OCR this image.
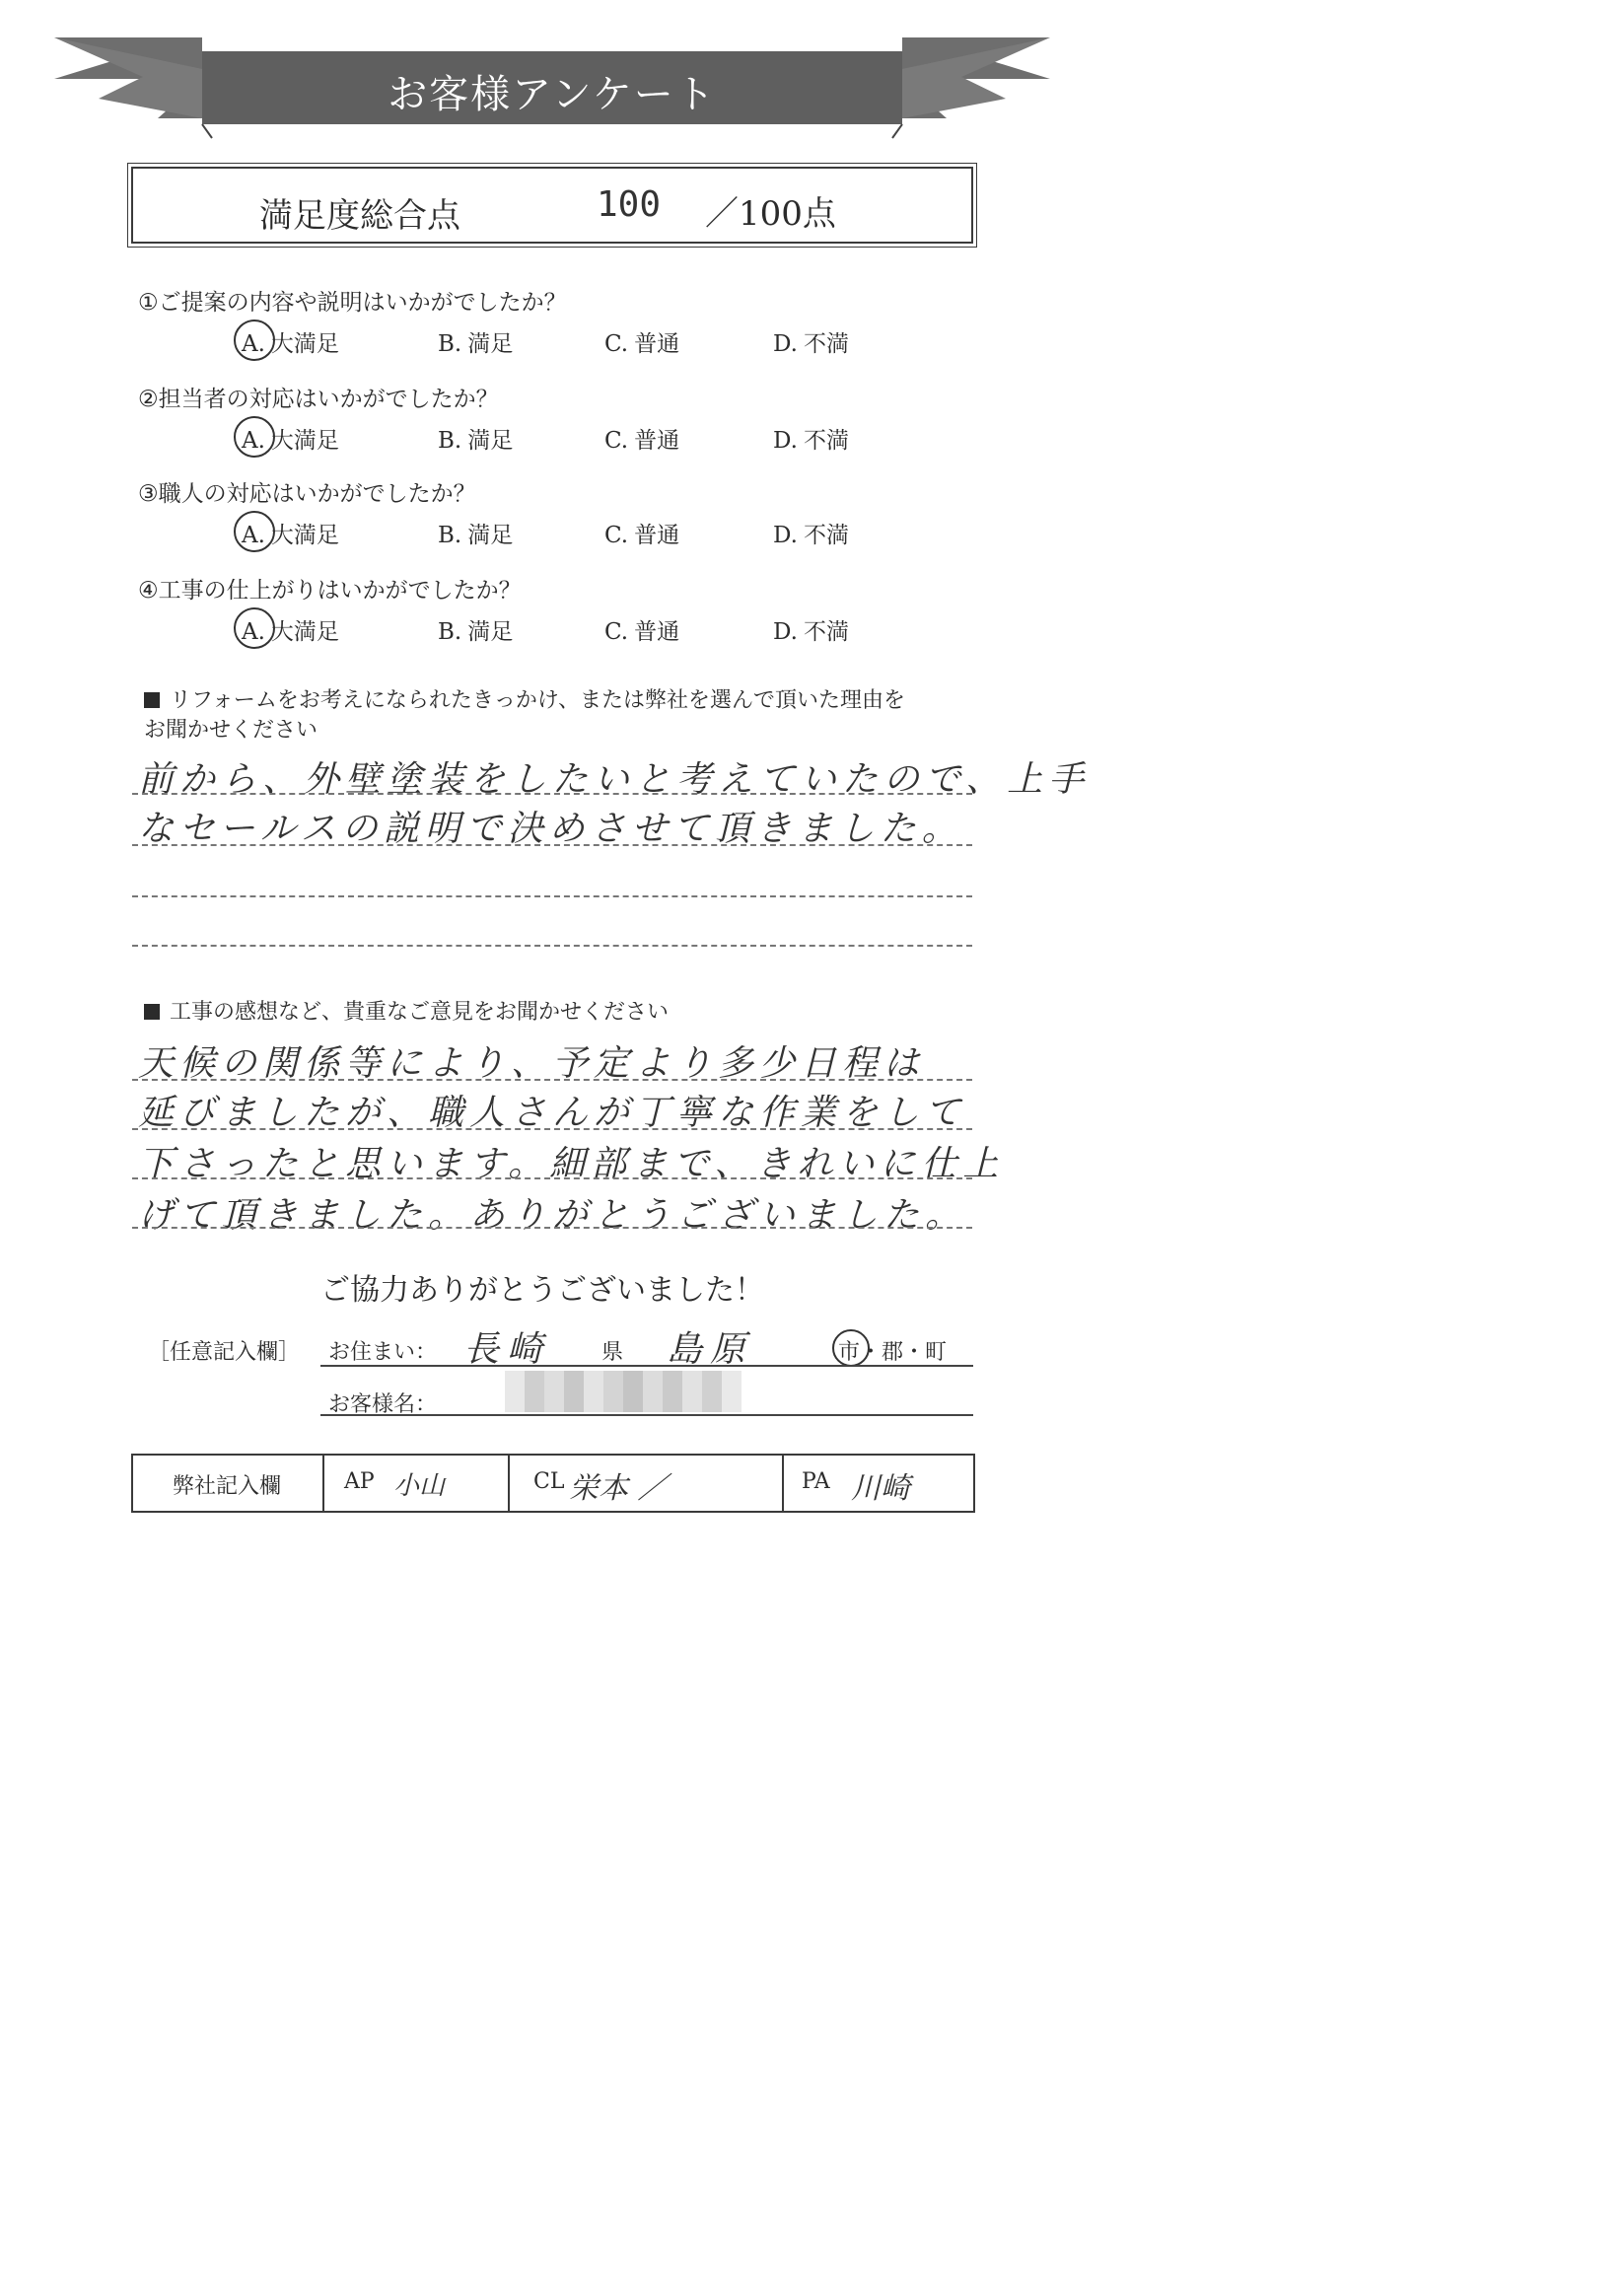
お客様アンケート
満足度総合点	100 ／100点
①ご提案の内容や説明はいかがでしたか？
②担当者の対応はいかがでしたか？
③職人の対応はいかがでしたか？
④工事の仕上がりはいかがでしたか？
A. 大満足	B. 満足	C. 普通	D. 不満
A. 大満足	B. 満足	C. 普通	D. 不満
A. 大満足	B. 満足	C. 普通	D. 不満
A. 大満足	B. 満足	C. 普通	D. 不満
リフォームをお考えになられたきっかけ、または弊社を選んで頂いた理由を
お聞かせください
前から、外壁塗装をしたいと考えていたので、上手
なセールスの説明で決めさせて頂きました。
工事の感想など、貴重なご意見をお聞かせください
天候の関係等により、予定より多少日程は
延びましたが、職人さんが丁寧な作業をして
下さったと思います。細部まで、きれいに仕上
げて頂きました。ありがとうございました。
ご協力ありがとうございました！
［任意記入欄］ お住まい： 長崎 県 島原	市・郡・町
お客様名：
弊社記入欄	AP 小山	CL 栄本 ／	PA 川崎
